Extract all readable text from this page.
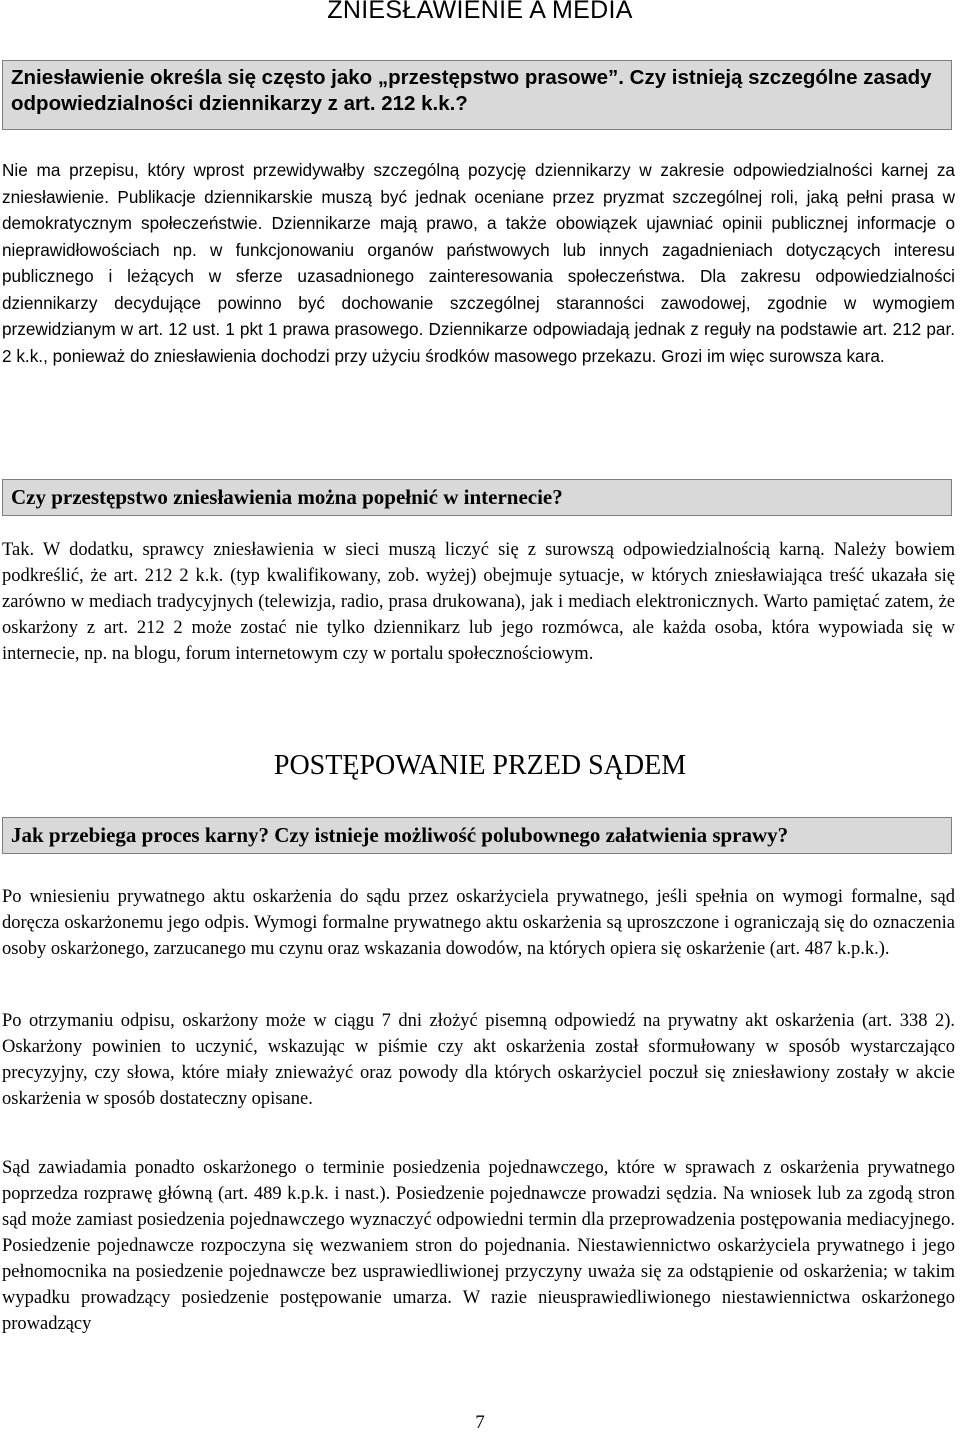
ZNIESŁAWIENIE A MEDIA
Zniesławienie określa się często jako „przestępstwo prasowe”. Czy istnieją szczególne zasady odpowiedzialności dziennikarzy z art. 212 k.k.?

Nie ma przepisu, który wprost przewidywałby szczególną pozycję dziennikarzy w zakresie odpowiedzialności karnej za zniesławienie. Publikacje dziennikarskie muszą być jednak oceniane przez pryzmat szczególnej roli, jaką pełni prasa w demokratycznym społeczeństwie. Dziennikarze mają prawo, a także obowiązek ujawniać opinii publicznej informacje o nieprawidłowościach np. w funkcjonowaniu organów państwowych lub innych zagadnieniach dotyczących interesu publicznego i leżących w sferze uzasadnionego zainteresowania społeczeństwa. Dla zakresu odpowiedzialności dziennikarzy decydujące powinno być dochowanie szczególnej staranności zawodowej, zgodnie w wymogiem przewidzianym w art. 12 ust. 1 pkt 1 prawa prasowego. Dziennikarze odpowiadają jednak z reguły na podstawie art. 212 par. 2 k.k., ponieważ do zniesławienia dochodzi przy użyciu środków masowego przekazu. Grozi im więc surowsza kara.

Czy przestępstwo zniesławienia można popełnić w internecie?

Tak. W dodatku, sprawcy zniesławienia w sieci muszą liczyć się z surowszą odpowiedzialnością karną. Należy bowiem podkreślić, że art. 212 2 k.k. (typ kwalifikowany, zob. wyżej) obejmuje sytuacje, w których zniesławiająca treść ukazała się zarówno w mediach tradycyjnych (telewizja, radio, prasa drukowana), jak i mediach elektronicznych. Warto pamiętać zatem, że oskarżony z art. 212 2 może zostać nie tylko dziennikarz lub jego rozmówca, ale każda osoba, która wypowiada się w internecie, np. na blogu, forum internetowym czy w portalu społecznościowym.

POSTĘPOWANIE PRZED SĄDEM
Jak przebiega proces karny? Czy istnieje możliwość polubownego załatwienia sprawy?

Po wniesieniu prywatnego aktu oskarżenia do sądu przez oskarżyciela prywatnego, jeśli spełnia on wymogi formalne, sąd doręcza oskarżonemu jego odpis. Wymogi formalne prywatnego aktu oskarżenia są uproszczone i ograniczają się do oznaczenia osoby oskarżonego, zarzucanego mu czynu oraz wskazania dowodów, na których opiera się oskarżenie (art. 487 k.p.k.).

Po otrzymaniu odpisu, oskarżony może w ciągu 7 dni złożyć pisemną odpowiedź na prywatny akt oskarżenia (art. 338 2). Oskarżony powinien to uczynić, wskazując w piśmie czy akt oskarżenia został sformułowany w sposób wystarczająco precyzyjny, czy słowa, które miały znieważyć oraz powody dla których oskarżyciel poczuł się zniesławiony zostały w akcie oskarżenia w sposób dostateczny opisane.

Sąd zawiadamia ponadto oskarżonego o terminie posiedzenia pojednawczego, które w sprawach z oskarżenia prywatnego poprzedza rozprawę główną (art. 489 k.p.k. i nast.). Posiedzenie pojednawcze prowadzi sędzia. Na wniosek lub za zgodą stron sąd może zamiast posiedzenia pojednawczego wyznaczyć odpowiedni termin dla przeprowadzenia postępowania mediacyjnego. Posiedzenie pojednawcze rozpoczyna się wezwaniem stron do pojednania. Niestawiennictwo oskarżyciela prywatnego i jego pełnomocnika na posiedzenie pojednawcze bez usprawiedliwionej przyczyny uważa się za odstąpienie od oskarżenia; w takim wypadku prowadzący posiedzenie postępowanie umarza. W razie nieusprawiedliwionego niestawiennictwa oskarżonego prowadzący

7
